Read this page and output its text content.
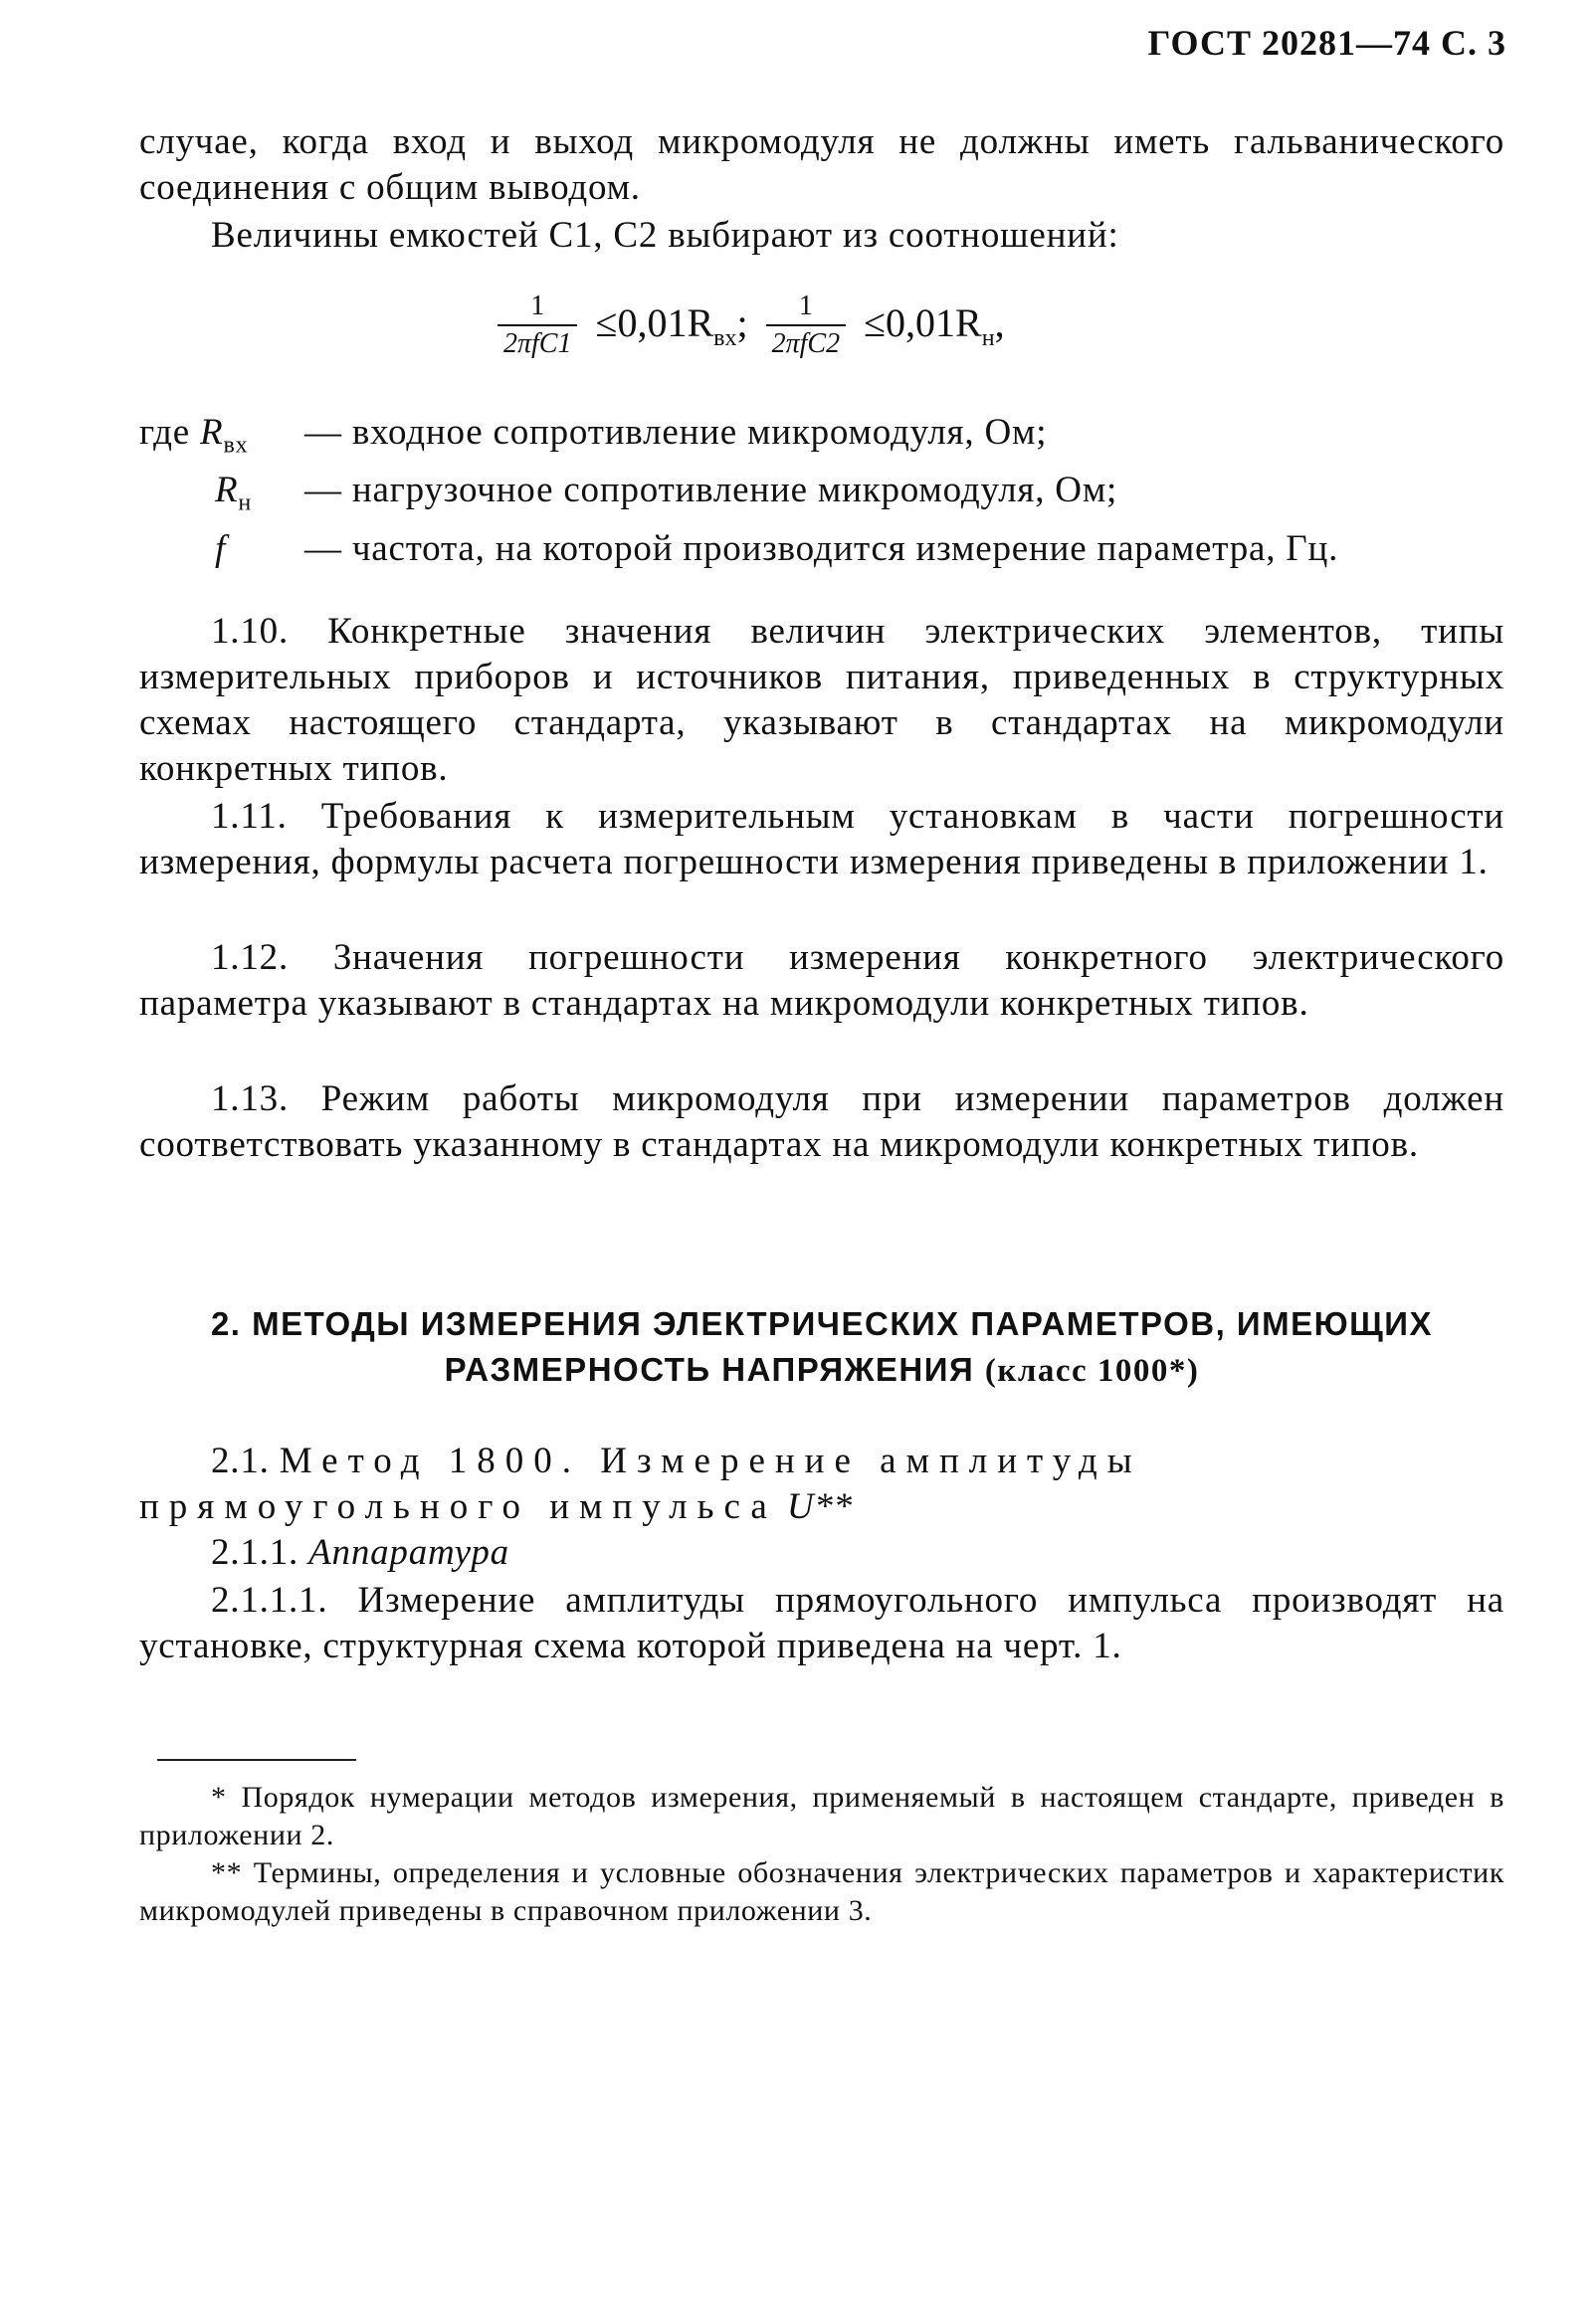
ГОСТ 20281—74 С. 3
случае, когда вход и выход микромодуля не должны иметь гальванического соединения с общим выводом.
Величины емкостей С1, С2 выбирают из соотношений:
$\frac{1}{\text{2πfC1}} \le 0,01R_{вх}$; $\frac{1}{\text{2πfC2}} \le 0,01R_н$,
где $R_{вх}$	— входное сопротивление микромодуля, Ом;
$R_н$	— нагрузочное сопротивление микромодуля, Ом;
f	— частота, на которой производится измерение параметра, Гц.
1.10. Конкретные значения величин электрических элементов, типы измерительных приборов и источников питания, приведенных в структурных схемах настоящего стандарта, указывают в стандартах на микромодули конкретных типов.
1.11. Требования к измерительным установкам в части погрешности измерения, формулы расчета погрешности измерения приведены в приложении 1.
1.12. Значения погрешности измерения конкретного электрического параметра указывают в стандартах на микромодули конкретных типов.
1.13. Режим работы микромодуля при измерении параметров должен соответствовать указанному в стандартах на микромодули конкретных типов.
2. МЕТОДЫ ИЗМЕРЕНИЯ ЭЛЕКТРИЧЕСКИХ ПАРАМЕТРОВ, ИМЕЮЩИХ
РАЗМЕРНОСТЬ НАПРЯЖЕНИЯ (класс 1000*)
2.1. Метод 1800. Измерение амплитуды прямоугольного импульса U**
2.1.1. Аппаратура
2.1.1.1. Измерение амплитуды прямоугольного импульса производят на установке, структурная схема которой приведена на черт. 1.

* Порядок нумерации методов измерения, применяемый в настоящем стандарте, приведен в приложении 2.

** Термины, определения и условные обозначения электрических параметров и характеристик микромодулей приведены в справочном приложении 3.
